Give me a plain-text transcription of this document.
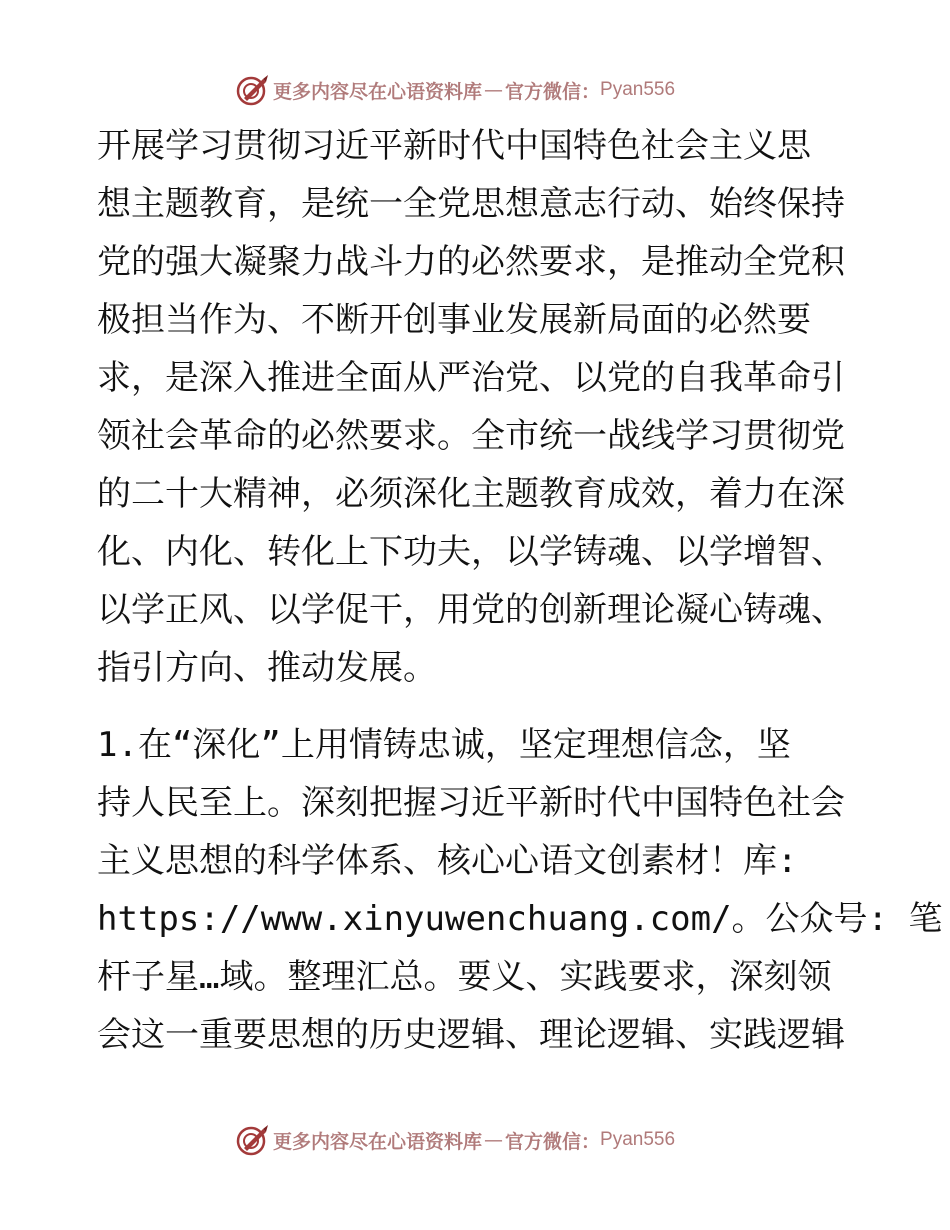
更多内容尽在心语资料库 — 官方微信： Pyan556
开展学习贯彻习近平新时代中国特色社会主义思
想主题教育，是统一全党思想意志行动、始终保持
党的强大凝聚力战斗力的必然要求，是推动全党积
极担当作为、不断开创事业发展新局面的必然要
求，是深入推进全面从严治党、以党的自我革命引
领社会革命的必然要求。全市统一战线学习贯彻党
的二十大精神，必须深化主题教育成效，着力在深
化、内化、转化上下功夫，以学铸魂、以学增智、
以学正风、以学促干，用党的创新理论凝心铸魂、
指引方向、推动发展。
1.在“深化”上用情铸忠诚，坚定理想信念，坚
持人民至上。深刻把握习近平新时代中国特色社会
主义思想的科学体系、核心心语文创素材！库:
https://www.xinyuwenchuang.com/。公众号: 笔
杆子星…域。整理汇总。要义、实践要求，深刻领
会这一重要思想的历史逻辑、理论逻辑、实践逻辑
更多内容尽在心语资料库 — 官方微信： Pyan556
